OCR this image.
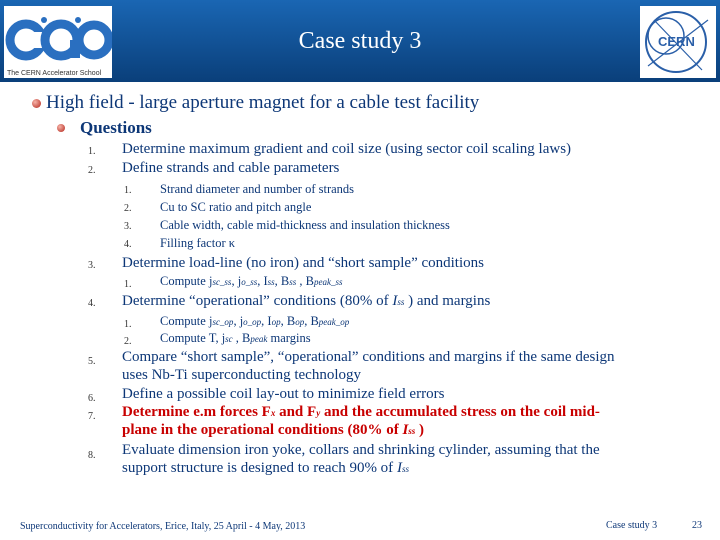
The CERN Accelerator School
Case study 3	CERN
High field - large aperture magnet for a cable test facility
Questions
1. Determine maximum gradient and coil size (using sector coil scaling laws)
2. Define strands and cable parameters
1. Strand diameter and number of strands
2. Cu to SC ratio and pitch angle
3. Cable width, cable mid-thickness and insulation thickness
4. Filling factor κ
3. Determine load-line (no iron) and “short sample” conditions
1. Compute jsc_ss, jo_ss, Iss, Bss , Bpeak_ss
4. Determine “operational” conditions (80% of Iss ) and margins
1. Compute jsc_op, jo_op, Iop, Bop, Bpeak_op
2. Compute T, jsc , Bpeak margins
5. Compare “short sample”, “operational” conditions and margins if the same design
uses Nb-Ti superconducting technology
6. Define a possible coil lay-out to minimize field errors
7. Determine e.m forces Fx and Fy and the accumulated stress on the coil mid-
plane in the operational conditions (80% of Iss )
8. Evaluate dimension iron yoke, collars and shrinking cylinder, assuming that the
support structure is designed to reach 90% of Iss
Superconductivity for Accelerators, Erice, Italy, 25 April - 4 May, 2013	Case study 3	23
